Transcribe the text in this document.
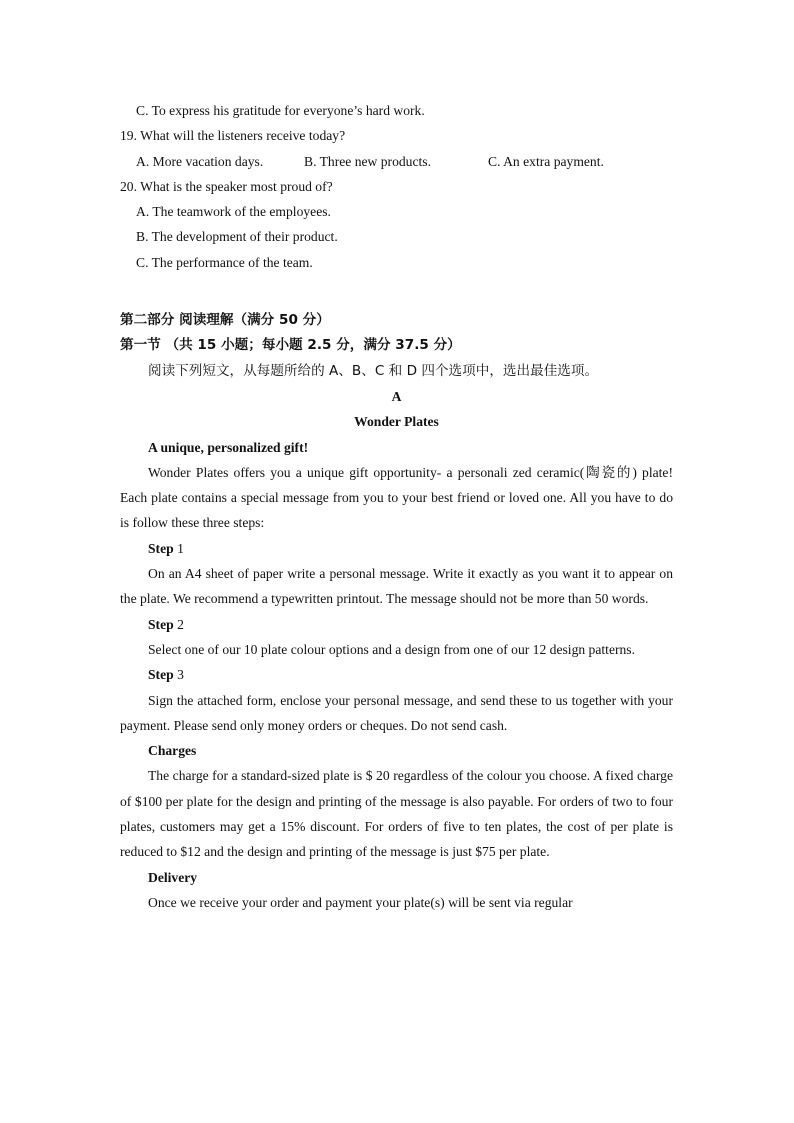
C. To express his gratitude for everyone’s hard work.
19. What will the listeners receive today?
A. More vacation days.	B. Three new products.	C. An extra payment.
20. What is the speaker most proud of?
A. The teamwork of the employees.
B. The development of their product.
C. The performance of the team.
第二部分 阅读理解（满分 50 分）
第一节 （共 15 小题；每小题 2.5 分，满分 37.5 分）
阅读下列短文，从每题所给的 A、B、C 和 D 四个选项中，选出最佳选项。
A
Wonder Plates
A unique, personalized gift!
Wonder Plates offers you a unique gift opportunity- a personali zed ceramic(陶瓷的) plate! Each plate contains a special message from you to your best friend or loved one. All you have to do is follow these three steps:
Step 1
On an A4 sheet of paper write a personal message. Write it exactly as you want it to appear on the plate. We recommend a typewritten printout. The message should not be more than 50 words.
Step 2
Select one of our 10 plate colour options and a design from one of our 12 design patterns.
Step 3
Sign the attached form, enclose your personal message, and send these to us together with your payment. Please send only money orders or cheques. Do not send cash.
Charges
The charge for a standard-sized plate is $ 20 regardless of the colour you choose. A fixed charge of $100 per plate for the design and printing of the message is also payable. For orders of two to four plates, customers may get a 15% discount. For orders of five to ten plates, the cost of per plate is reduced to $12 and the design and printing of the message is just $75 per plate.
Delivery
Once we receive your order and payment your plate(s) will be sent via regular
